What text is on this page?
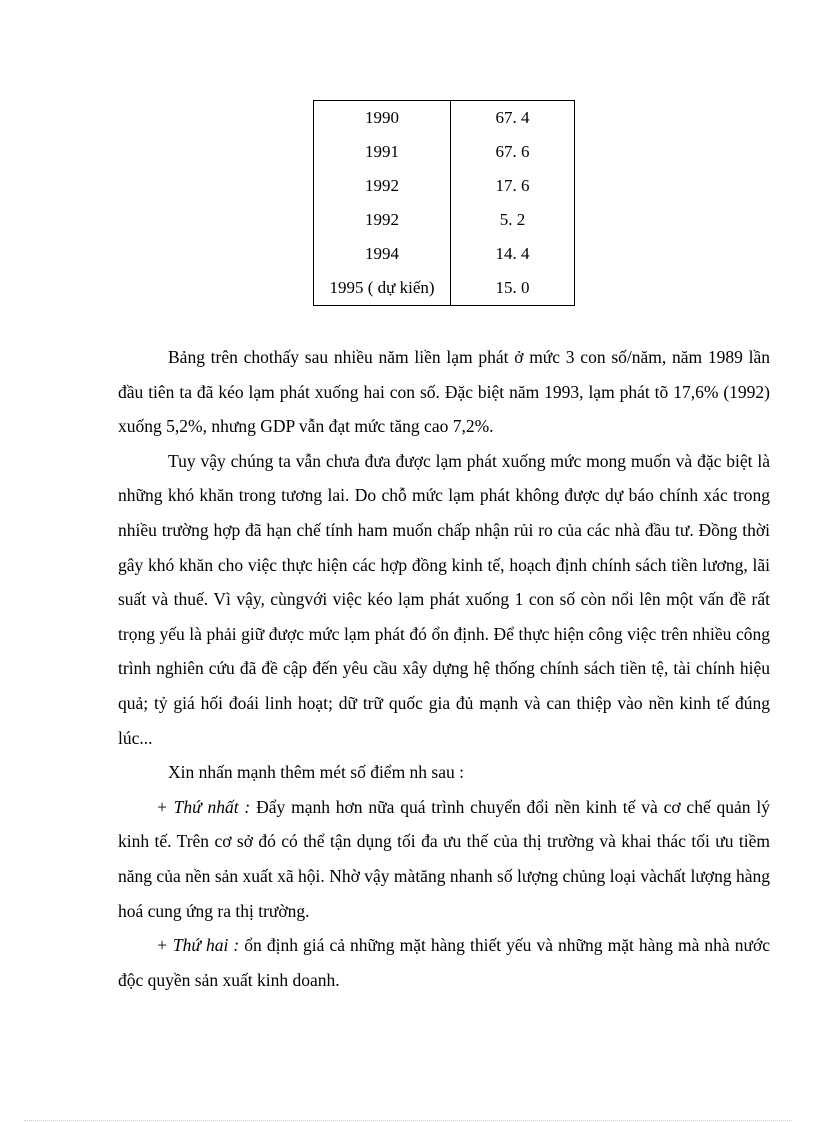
1990	67. 4
1991	67. 6
1992	17. 6
1992	5. 2
1994	14. 4
1995 ( dự kiến)	15. 0

Bảng trên chothấy sau nhiều năm liền lạm phát ở mức 3 con số/năm, năm 1989 lần đầu tiên ta đã kéo lạm phát xuống hai con số. Đặc biệt năm 1993, lạm phát tõ 17,6% (1992) xuống 5,2%, nhưng GDP vẫn đạt mức tăng cao 7,2%.

Tuy vậy chúng ta vẫn chưa đưa được lạm phát xuống mức mong muốn và đặc biệt là những khó khăn trong tương lai. Do chỗ mức lạm phát không được dự báo chính xác trong nhiều trường hợp đã hạn chế tính ham muốn chấp nhận rủi ro của các nhà đầu tư. Đồng thời gây khó khăn cho việc thực hiện các hợp đồng kinh tế, hoạch định chính sách tiền lương, lãi suất và thuế. Vì vậy, cùngvới việc kéo lạm phát xuống 1 con số còn nổi lên một vấn đề rất trọng yếu là phải giữ được mức lạm phát đó ổn định. Để thực hiện công việc trên nhiều công trình nghiên cứu đã đề cập đến yêu cầu xây dựng hệ thống chính sách tiền tệ, tài chính hiệu quả; tỷ giá hối đoái linh hoạt; dữ trữ quốc gia đủ mạnh và can thiệp vào nền kinh tế đúng lúc...

Xin nhấn mạnh thêm mét số điểm nh sau :

+ Thứ nhất : Đẩy mạnh hơn nữa quá trình chuyển đổi nền kinh tế và cơ chế quản lý kinh tế. Trên cơ sở đó có thể tận dụng tối đa ưu thế của thị trường và khai thác tối ưu tiềm năng của nền sản xuất xã hội. Nhờ vậy màtăng nhanh số lượng chủng loại vàchất lượng hàng hoá cung ứng ra thị trường.

+ Thứ hai : ổn định giá cả những mặt hàng thiết yếu và những mặt hàng mà nhà nước độc quyền sản xuất kinh doanh.
